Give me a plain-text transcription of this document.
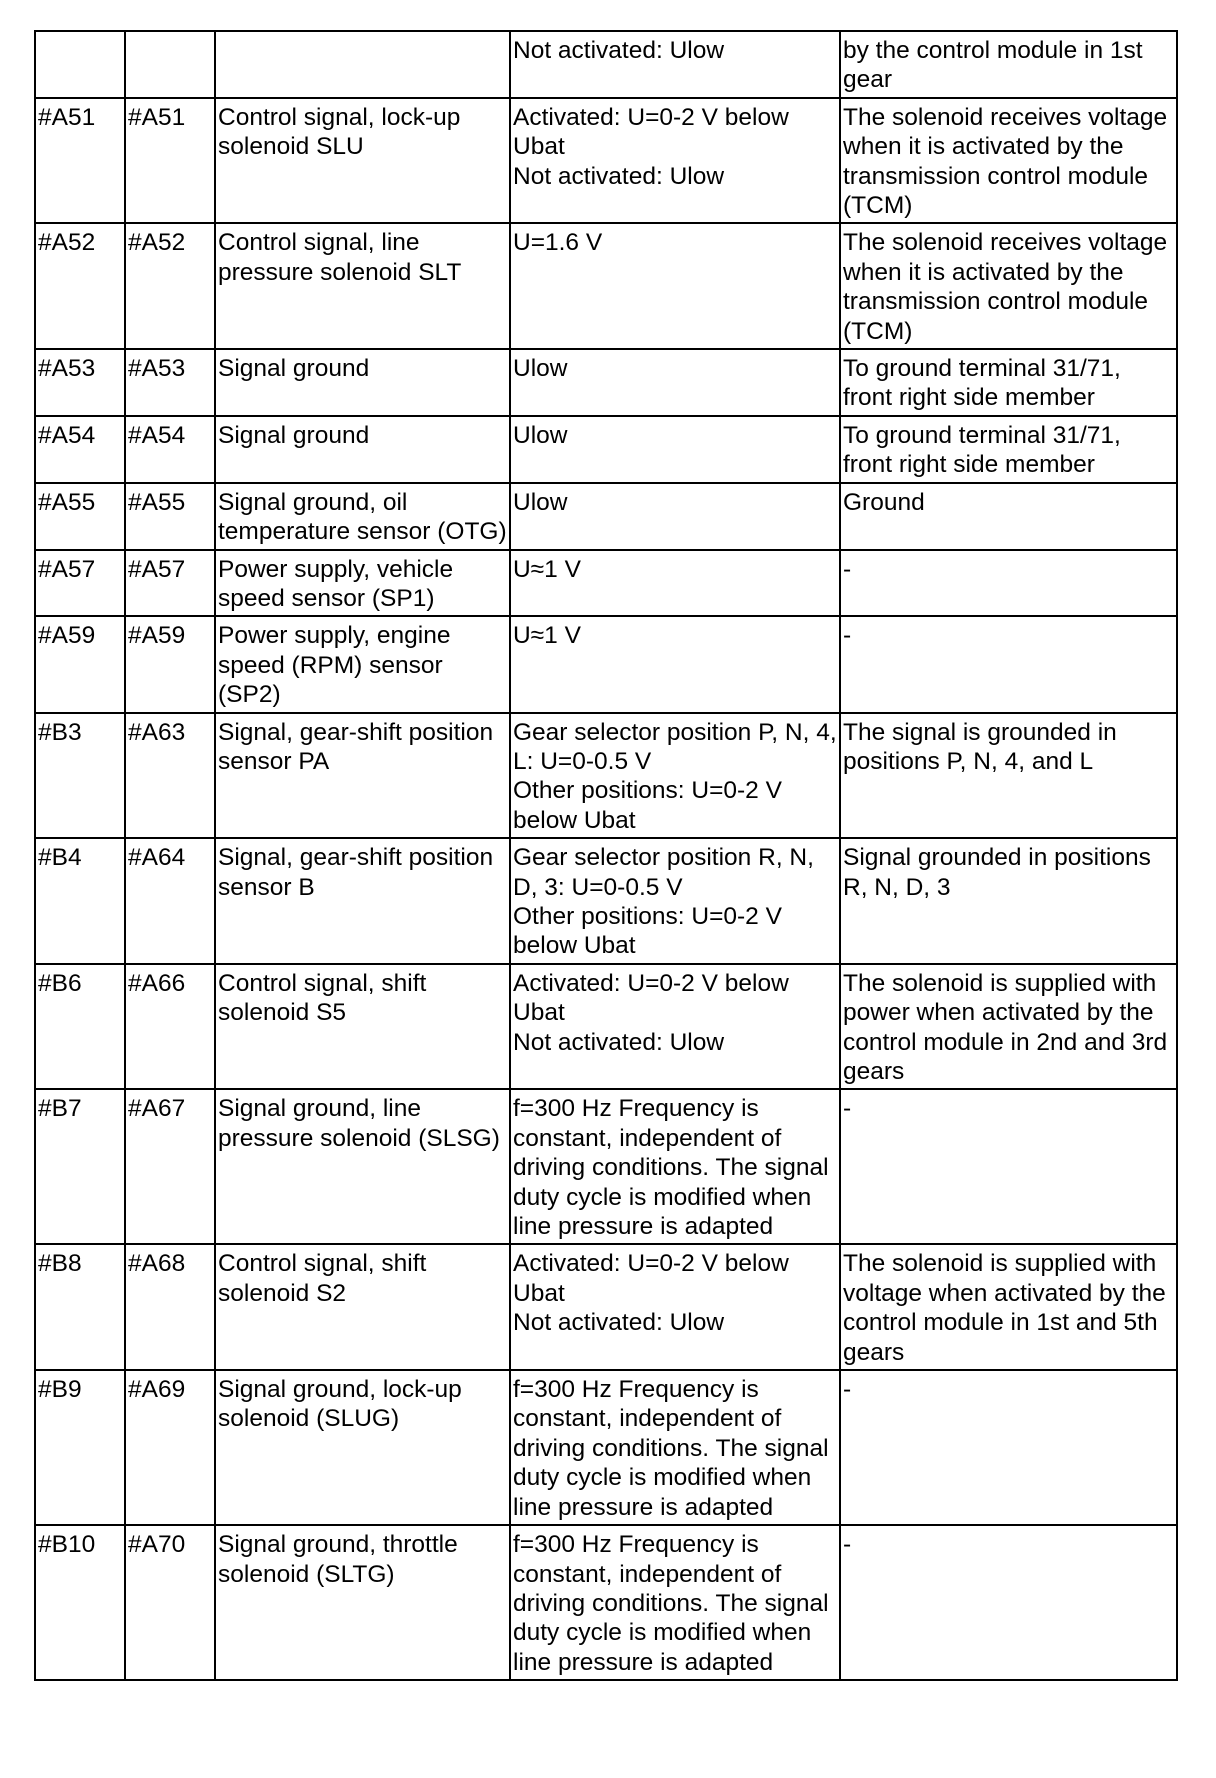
			Not activated: Ulow	by the control module in 1st gear
#A51	#A51	Control signal, lock-up solenoid SLU	Activated: U=0-2 V below Ubat
Not activated: Ulow	The solenoid receives voltage when it is activated by the transmission control module (TCM)
#A52	#A52	Control signal, line pressure solenoid SLT	U=1.6 V	The solenoid receives voltage when it is activated by the transmission control module (TCM)
#A53	#A53	Signal ground	Ulow	To ground terminal 31/71, front right side member
#A54	#A54	Signal ground	Ulow	To ground terminal 31/71, front right side member
#A55	#A55	Signal ground, oil temperature sensor (OTG)	Ulow	Ground
#A57	#A57	Power supply, vehicle speed sensor (SP1)	U≈1 V	-
#A59	#A59	Power supply, engine speed (RPM) sensor (SP2)	U≈1 V	-
#B3	#A63	Signal, gear-shift position sensor PA	Gear selector position P, N, 4, L: U=0-0.5 V
Other positions: U=0-2 V below Ubat	The signal is grounded in positions P, N, 4, and L
#B4	#A64	Signal, gear-shift position sensor B	Gear selector position R, N, D, 3: U=0-0.5 V
Other positions: U=0-2 V below Ubat	Signal grounded in positions R, N, D, 3
#B6	#A66	Control signal, shift solenoid S5	Activated: U=0-2 V below Ubat
Not activated: Ulow	The solenoid is supplied with power when activated by the control module in 2nd and 3rd gears
#B7	#A67	Signal ground, line pressure solenoid (SLSG)	f=300 Hz Frequency is constant, independent of driving conditions. The signal duty cycle is modified when line pressure is adapted	-
#B8	#A68	Control signal, shift solenoid S2	Activated: U=0-2 V below Ubat
Not activated: Ulow	The solenoid is supplied with voltage when activated by the control module in 1st and 5th gears
#B9	#A69	Signal ground, lock-up solenoid (SLUG)	f=300 Hz Frequency is constant, independent of driving conditions. The signal duty cycle is modified when line pressure is adapted	-
#B10	#A70	Signal ground, throttle solenoid (SLTG)	f=300 Hz Frequency is constant, independent of driving conditions. The signal duty cycle is modified when line pressure is adapted	-
